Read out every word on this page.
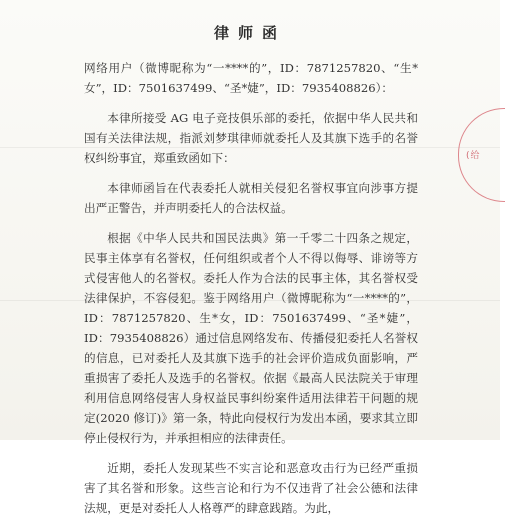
律师函

网络用户（微博昵称为“一****的”，ID：7871257820、“生*女”，ID：7501637499、“圣*婕”，ID：7935408826）：

本律所接受 AG 电子竞技俱乐部的委托，依据中华人民共和国有关法律法规，指派刘梦琪律师就委托人及其旗下选手的名誉权纠纷事宜，郑重致函如下：

本律师函旨在代表委托人就相关侵犯名誉权事宜向涉事方提出严正警告，并声明委托人的合法权益。

根据《中华人民共和国民法典》第一千零二十四条之规定，民事主体享有名誉权，任何组织或者个人不得以侮辱、诽谤等方式侵害他人的名誉权。委托人作为合法的民事主体，其名誉权受法律保护，不容侵犯。鉴于网络用户（微博昵称为“一****的”，ID：7871257820、生*女，ID：7501637499、“圣*婕”，ID：7935408826）通过信息网络发布、传播侵犯委托人名誉权的信息，已对委托人及其旗下选手的社会评价造成负面影响，严重损害了委托人及选手的名誉权。依据《最高人民法院关于审理利用信息网络侵害人身权益民事纠纷案件适用法律若干问题的规定(2020 修订)》第一条，特此向侵权行为发出本函，要求其立即停止侵权行为，并承担相应的法律责任。

近期，委托人发现某些不实言论和恶意攻击行为已经严重损害了其名誉和形象。这些言论和行为不仅违背了社会公德和法律法规，更是对委托人人格尊严的肆意践踏。为此，

(给
